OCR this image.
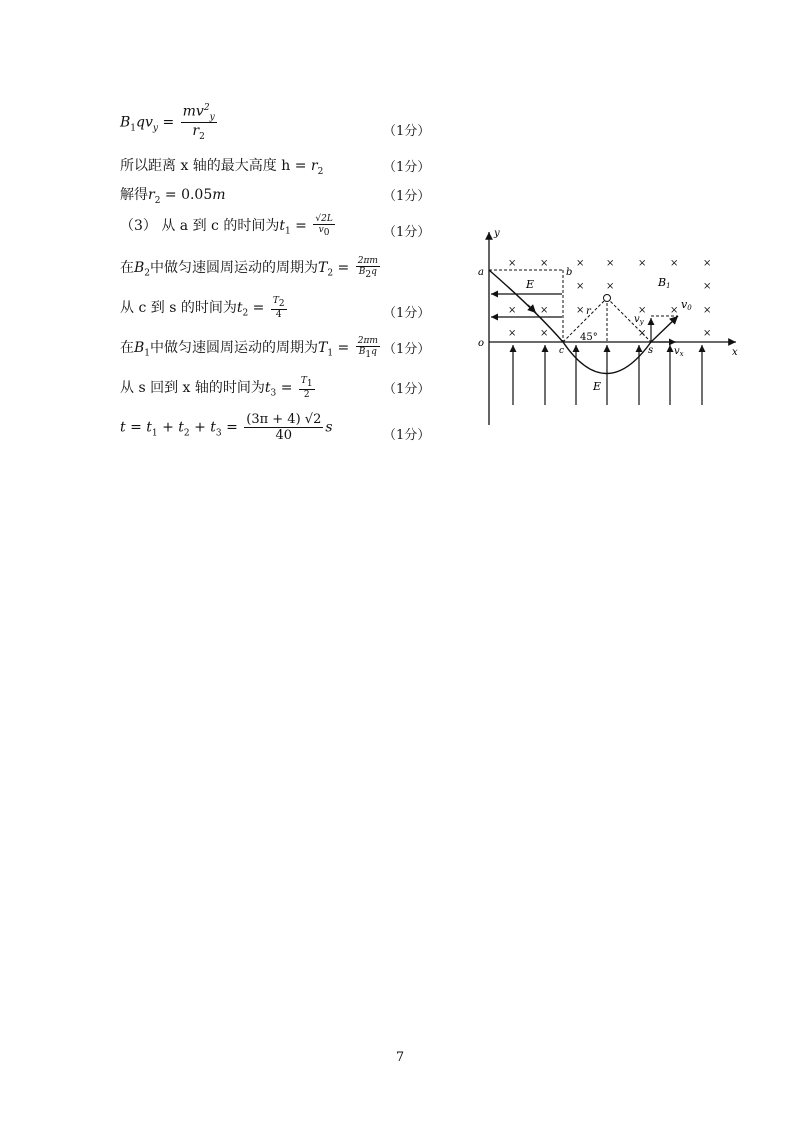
$B_1qv_y = \frac{mv^2_y}{r_2}$	（1分）
所以距离 x 轴的最大高度 $h = r_2$	（1分）
解得$r_2 = 0.05m$	（1分）
（3） 从 a 到 c 的时间为$t_1 = \frac{√2L}{v_0}$	（1分）
在$B_2$中做匀速圆周运动的周期为$T_2 = \frac{2\pi m}{B_2q}$
从 c 到 s 的时间为$t_2 = \frac{T_2}{4}$	（1分）
在$B_1$中做匀速圆周运动的周期为$T_1 = \frac{2\pi m}{B_1q} (1$分）
从 s 回到 x 轴的时间为$t_3 = \frac{T_1}{2}$	（1分）
$t = t_1 + t_2 + t_3 = \frac{(3\pi + 4) √2}{40}$ s	（1分）
y
x
o
a	b
E
× ×	× × × × ×
× ×	×
× ×	×	× × ×
× ×	×	×
B1
E
r
45°
c	s
$v_y$
$v_x$
v0
7
